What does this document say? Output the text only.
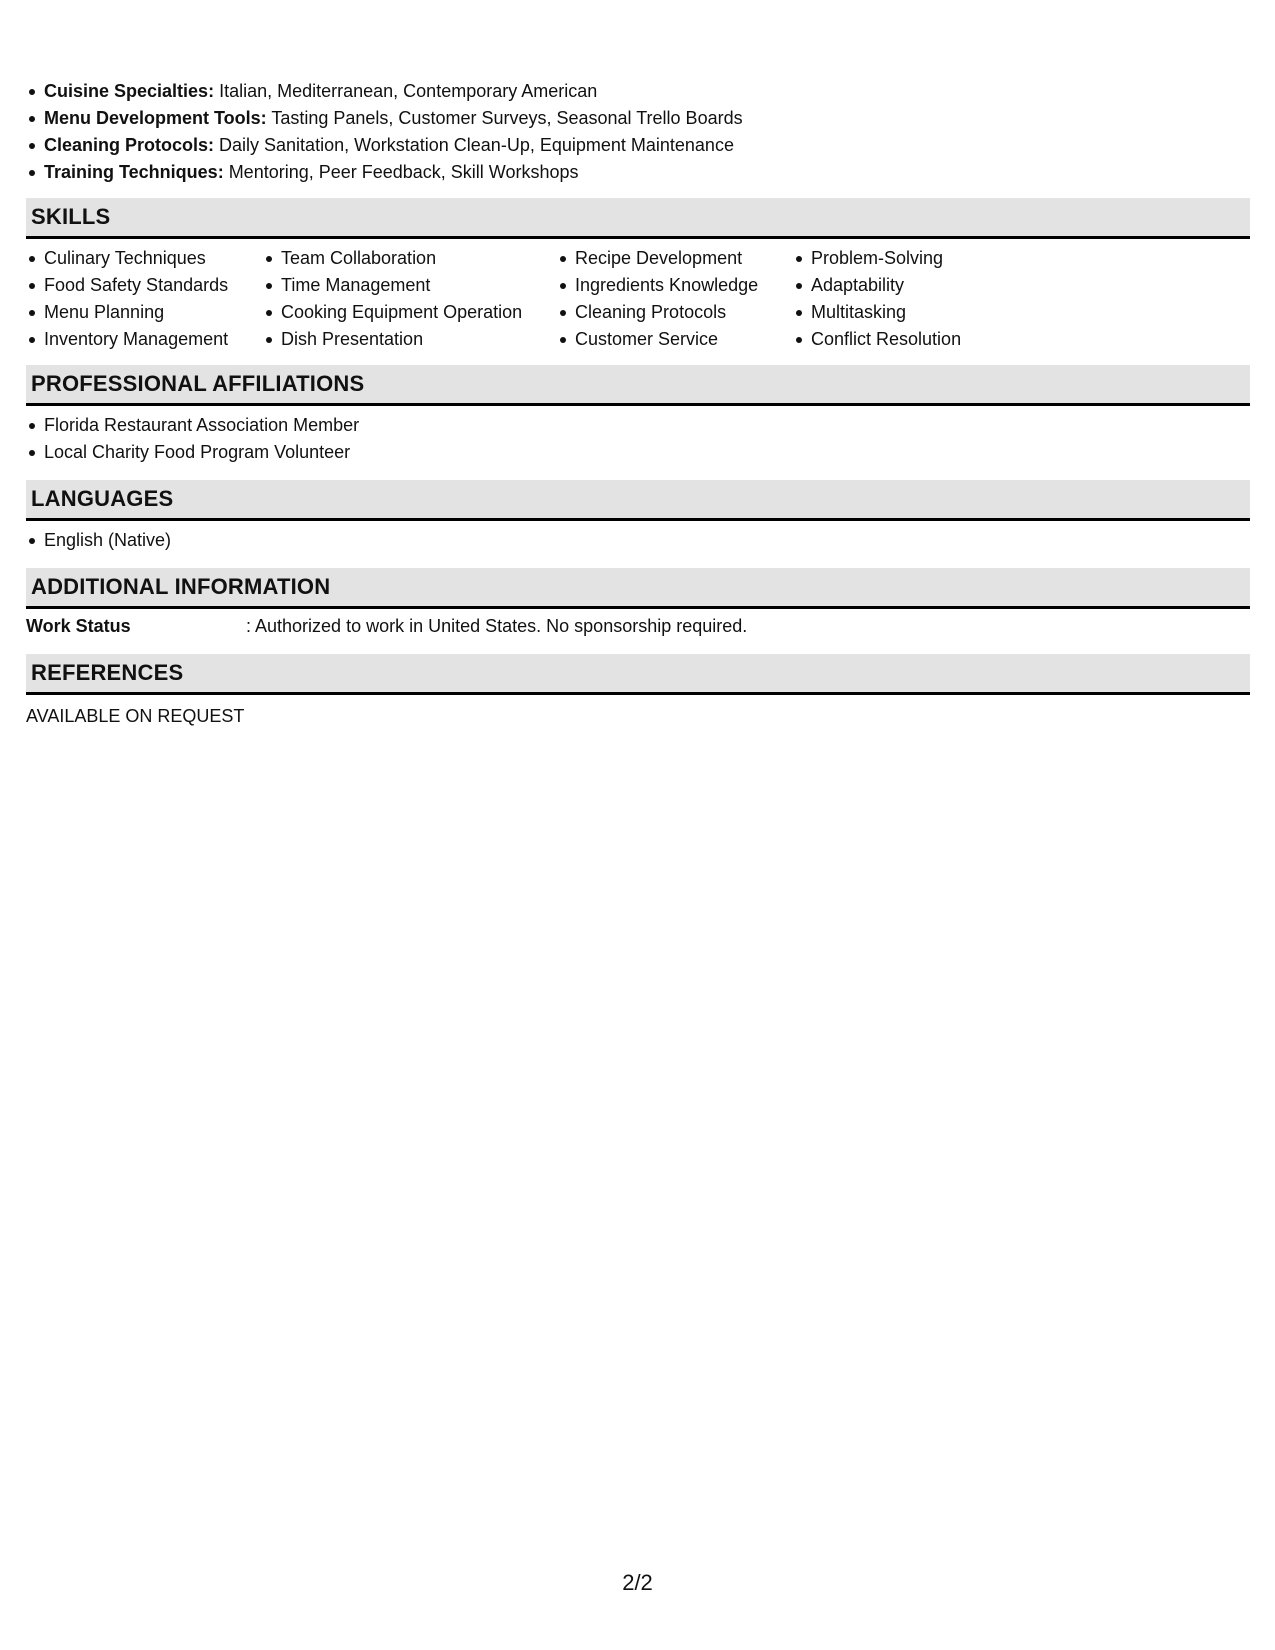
Cuisine Specialties: Italian, Mediterranean, Contemporary American
Menu Development Tools: Tasting Panels, Customer Surveys, Seasonal Trello Boards
Cleaning Protocols: Daily Sanitation, Workstation Clean-Up, Equipment Maintenance
Training Techniques: Mentoring, Peer Feedback, Skill Workshops
SKILLS
Culinary Techniques
Food Safety Standards
Menu Planning
Inventory Management
Team Collaboration
Time Management
Cooking Equipment Operation
Dish Presentation
Recipe Development
Ingredients Knowledge
Cleaning Protocols
Customer Service
Problem-Solving
Adaptability
Multitasking
Conflict Resolution
PROFESSIONAL AFFILIATIONS
Florida Restaurant Association Member
Local Charity Food Program Volunteer
LANGUAGES
English (Native)
ADDITIONAL INFORMATION
Work Status	: Authorized to work in United States. No sponsorship required.
REFERENCES
AVAILABLE ON REQUEST
2/2
